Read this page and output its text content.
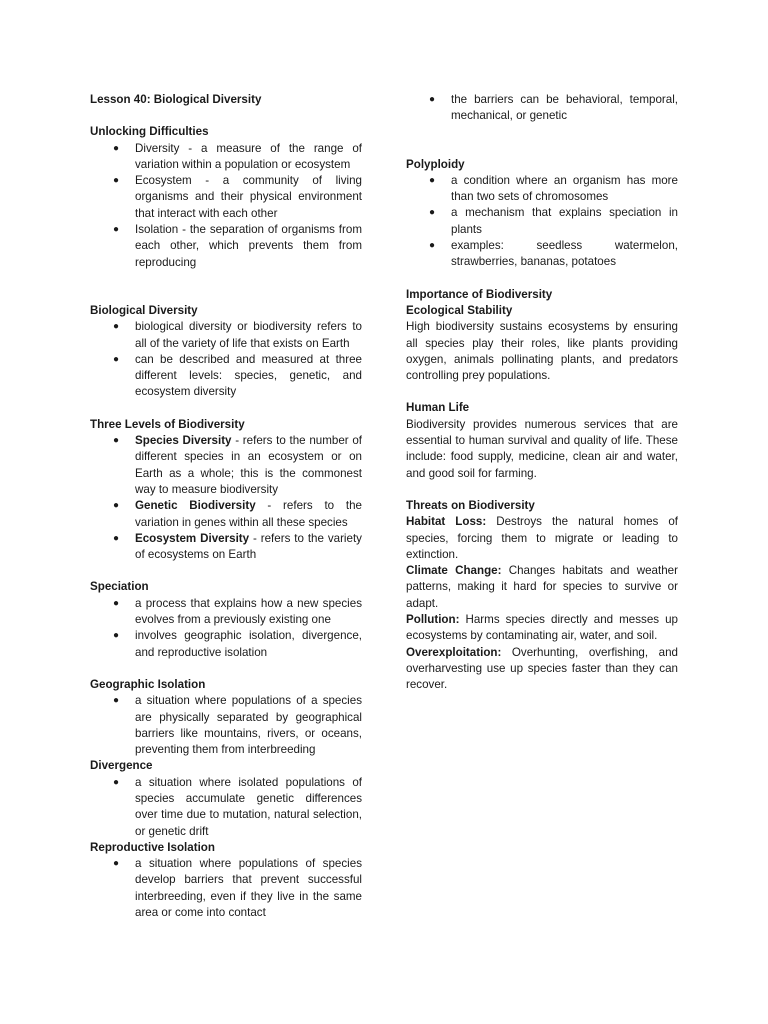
Lesson 40: Biological Diversity
Unlocking Difficulties
● Diversity - a measure of the range of variation within a population or ecosystem
● Ecosystem - a community of living organisms and their physical environment that interact with each other
● Isolation - the separation of organisms from each other, which prevents them from reproducing
Biological Diversity
● biological diversity or biodiversity refers to all of the variety of life that exists on Earth
● can be described and measured at three different levels: species, genetic, and ecosystem diversity
Three Levels of Biodiversity
● Species Diversity - refers to the number of different species in an ecosystem or on Earth as a whole; this is the commonest way to measure biodiversity
● Genetic Biodiversity - refers to the variation in genes within all these species
● Ecosystem Diversity - refers to the variety of ecosystems on Earth
Speciation
● a process that explains how a new species evolves from a previously existing one
● involves geographic isolation, divergence, and reproductive isolation
Geographic Isolation
● a situation where populations of a species are physically separated by geographical barriers like mountains, rivers, or oceans, preventing them from interbreeding
Divergence
● a situation where isolated populations of species accumulate genetic differences over time due to mutation, natural selection, or genetic drift
Reproductive Isolation
● a situation where populations of species develop barriers that prevent successful interbreeding, even if they live in the same area or come into contact
● the barriers can be behavioral, temporal, mechanical, or genetic
Polyploidy
● a condition where an organism has more than two sets of chromosomes
● a mechanism that explains speciation in plants
● examples: seedless watermelon, strawberries, bananas, potatoes
Importance of Biodiversity
Ecological Stability

High biodiversity sustains ecosystems by ensuring all species play their roles, like plants providing oxygen, animals pollinating plants, and predators controlling prey populations.

Human Life

Biodiversity provides numerous services that are essential to human survival and quality of life. These include: food supply, medicine, clean air and water, and good soil for farming.

Threats on Biodiversity

Habitat Loss: Destroys the natural homes of species, forcing them to migrate or leading to extinction.

Climate Change: Changes habitats and weather patterns, making it hard for species to survive or adapt.

Pollution: Harms species directly and messes up ecosystems by contaminating air, water, and soil.

Overexploitation: Overhunting, overfishing, and overharvesting use up species faster than they can recover.
